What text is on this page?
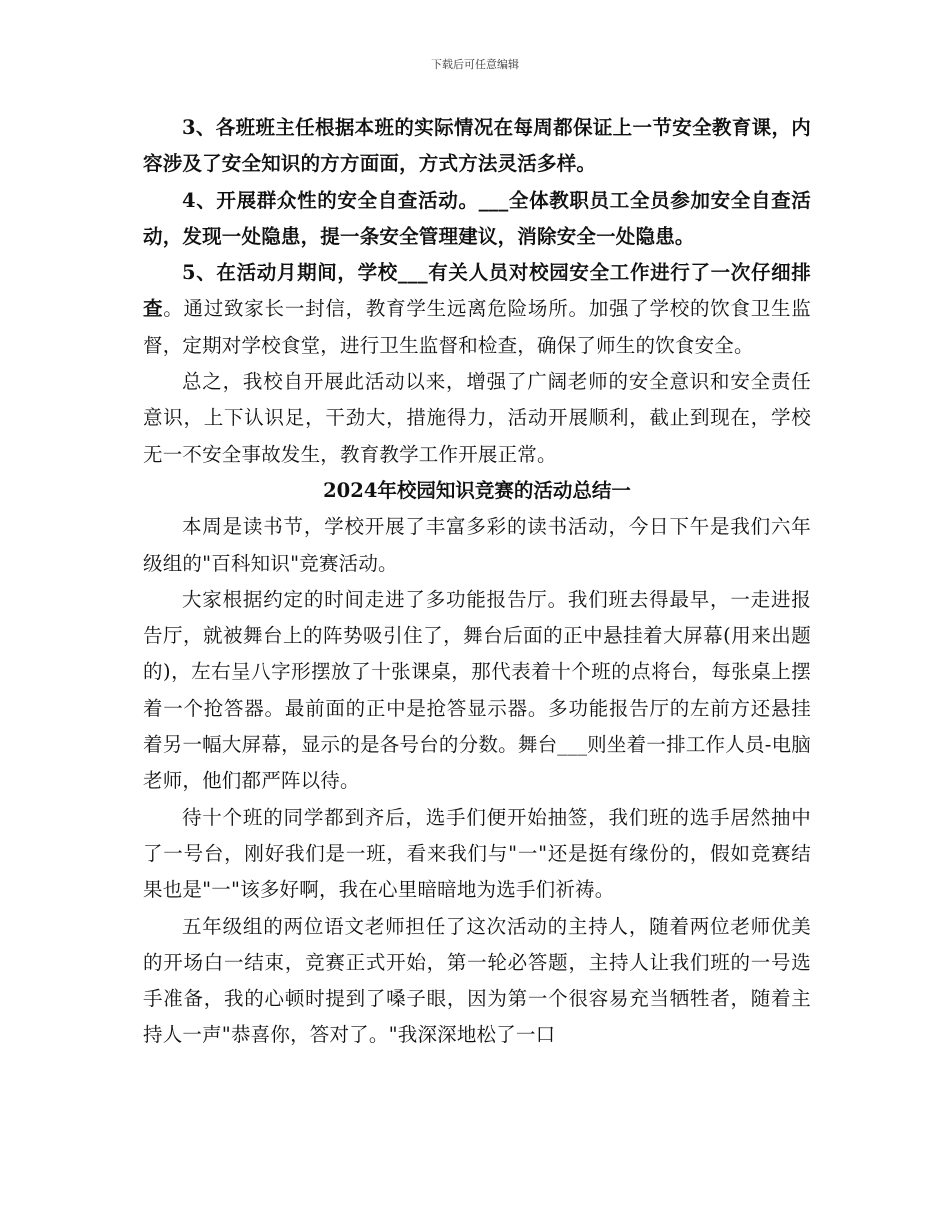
下载后可任意编辑

3、各班班主任根据本班的实际情况在每周都保证上一节安全教育课，内容涉及了安全知识的方方面面，方式方法灵活多样。

4、开展群众性的安全自查活动。___全体教职员工全员参加安全自查活动，发现一处隐患，提一条安全管理建议，消除安全一处隐患。

5、在活动月期间，学校___有关人员对校园安全工作进行了一次仔细排查。通过致家长一封信，教育学生远离危险场所。加强了学校的饮食卫生监督，定期对学校食堂，进行卫生监督和检查，确保了师生的饮食安全。

总之，我校自开展此活动以来，增强了广阔老师的安全意识和安全责任意识，上下认识足，干劲大，措施得力，活动开展顺利，截止到现在，学校无一不安全事故发生，教育教学工作开展正常。

2024年校园知识竞赛的活动总结一

本周是读书节，学校开展了丰富多彩的读书活动，今日下午是我们六年级组的"百科知识"竞赛活动。

大家根据约定的时间走进了多功能报告厅。我们班去得最早，一走进报告厅，就被舞台上的阵势吸引住了，舞台后面的正中悬挂着大屏幕(用来出题的)，左右呈八字形摆放了十张课桌，那代表着十个班的点将台，每张桌上摆着一个抢答器。最前面的正中是抢答显示器。多功能报告厅的左前方还悬挂着另一幅大屏幕，显示的是各号台的分数。舞台___则坐着一排工作人员-电脑老师，他们都严阵以待。

待十个班的同学都到齐后，选手们便开始抽签，我们班的选手居然抽中了一号台，刚好我们是一班，看来我们与"一"还是挺有缘份的，假如竞赛结果也是"一"该多好啊，我在心里暗暗地为选手们祈祷。

五年级组的两位语文老师担任了这次活动的主持人，随着两位老师优美的开场白一结束，竞赛正式开始，第一轮必答题，主持人让我们班的一号选手准备，我的心顿时提到了嗓子眼，因为第一个很容易充当牺牲者，随着主持人一声"恭喜你，答对了。"我深深地松了一口
